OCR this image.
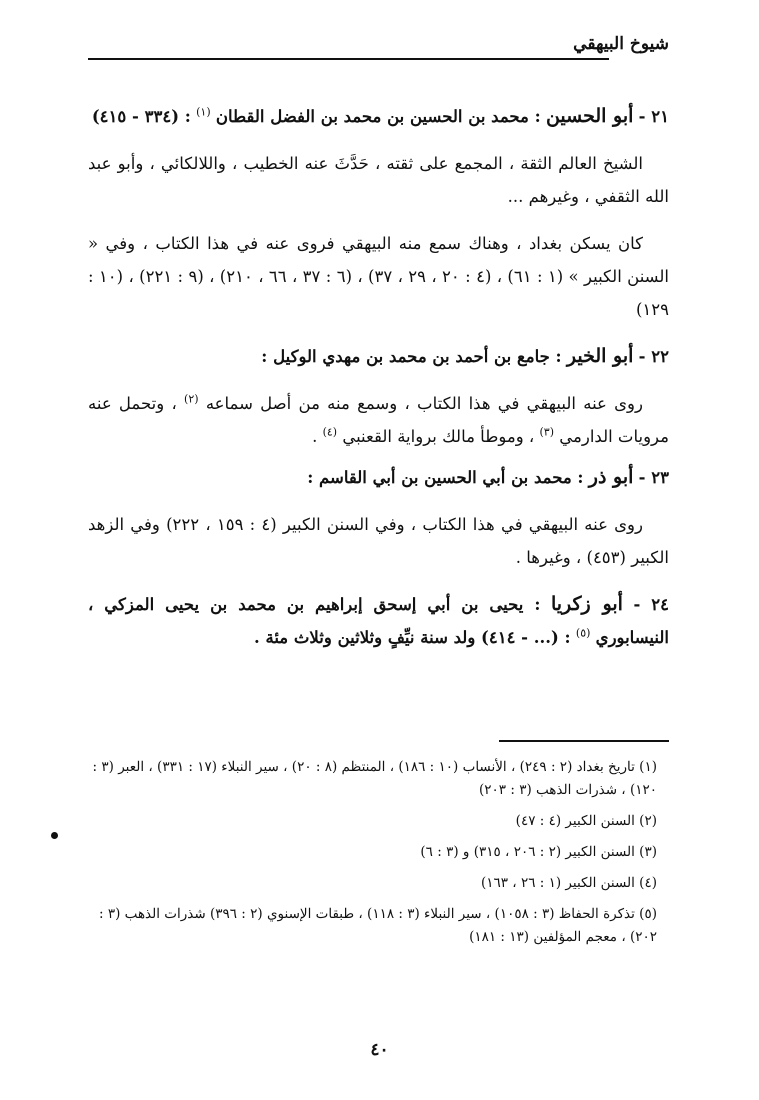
شيوخ البيهقي

٢١ - أبو الحسين : محمد بن الحسين بن محمد بن الفضل القطان $^{(١)}$ : (٣٣٤ - ٤١٥)

الشيخ العالم الثقة ، المجمع على ثقته ، حَدَّثَ عنه الخطيب ، واللالكائي ، وأبو عبد الله الثقفي ، وغيرهم ...

كان يسكن بغداد ، وهناك سمع منه البيهقي فروى عنه في هذا الكتاب ، وفي « السنن الكبير » (١ : ٦١) ، (٤ : ٢٠ ، ٢٩ ، ٣٧) ، (٦ : ٣٧ ، ٦٦ ، ٢١٠) ، (٩ : ٢٢١) ، (١٠ : ١٢٩)

٢٢ - أبو الخير : جامع بن أحمد بن محمد بن مهدي الوكيل :

روى عنه البيهقي في هذا الكتاب ، وسمع منه من أصل سماعه $^{(٢)}$ ، وتحمل عنه مرويات الدارمي $^{(٣)}$ ، وموطأ مالك برواية القعنبي $^{(٤)}$ .

٢٣ - أبو ذر : محمد بن أبي الحسين بن أبي القاسم :

روى عنه البيهقي في هذا الكتاب ، وفي السنن الكبير (٤ : ١٥٩ ، ٢٢٢) وفي الزهد الكبير (٤٥٣) ، وغيرها .

٢٤ - أبو زكريا : يحيى بن أبي إسحق إبراهيم بن محمد بن يحيى المزكي ، النيسابوري $^{(٥)}$ : (... - ٤١٤) ولد سنة نيِّفٍ وثلاثين وثلاث مئة .

(١) تاريخ بغداد (٢ : ٢٤٩) ، الأنساب (١٠ : ١٨٦) ، المنتظم (٨ : ٢٠) ، سير النبلاء (١٧ : ٣٣١) ، العبر (٣ : ١٢٠) ، شذرات الذهب (٣ : ٢٠٣)

(٢) السنن الكبير (٤ : ٤٧)

(٣) السنن الكبير (٢ : ٢٠٦ ، ٣١٥) و (٣ : ٦)

(٤) السنن الكبير (١ : ٢٦ ، ١٦٣)

(٥) تذكرة الحفاظ (٣ : ١٠٥٨) ، سير النبلاء (٣ : ١١٨) ، طبقات الإسنوي (٢ : ٣٩٦) شذرات الذهب (٣ : ٢٠٢) ، معجم المؤلفين (١٣ : ١٨١)

٤٠
